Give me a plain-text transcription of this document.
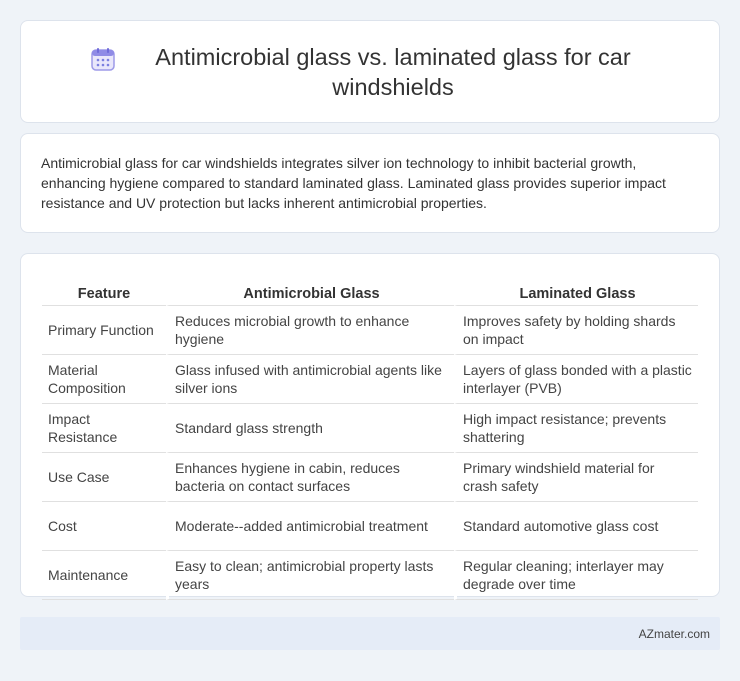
Antimicrobial glass vs. laminated glass for car windshields

Antimicrobial glass for car windshields integrates silver ion technology to inhibit bacterial growth, enhancing hygiene compared to standard laminated glass. Laminated glass provides superior impact resistance and UV protection but lacks inherent antimicrobial properties.

Feature	Antimicrobial Glass	Laminated Glass
Primary Function	Reduces microbial growth to enhance hygiene	Improves safety by holding shards on impact
Material Composition	Glass infused with antimicrobial agents like silver ions	Layers of glass bonded with a plastic interlayer (PVB)
Impact Resistance	Standard glass strength	High impact resistance; prevents shattering
Use Case	Enhances hygiene in cabin, reduces bacteria on contact surfaces	Primary windshield material for crash safety
Cost	Moderate--added antimicrobial treatment	Standard automotive glass cost
Maintenance	Easy to clean; antimicrobial property lasts years	Regular cleaning; interlayer may degrade over time
AZmater.com
